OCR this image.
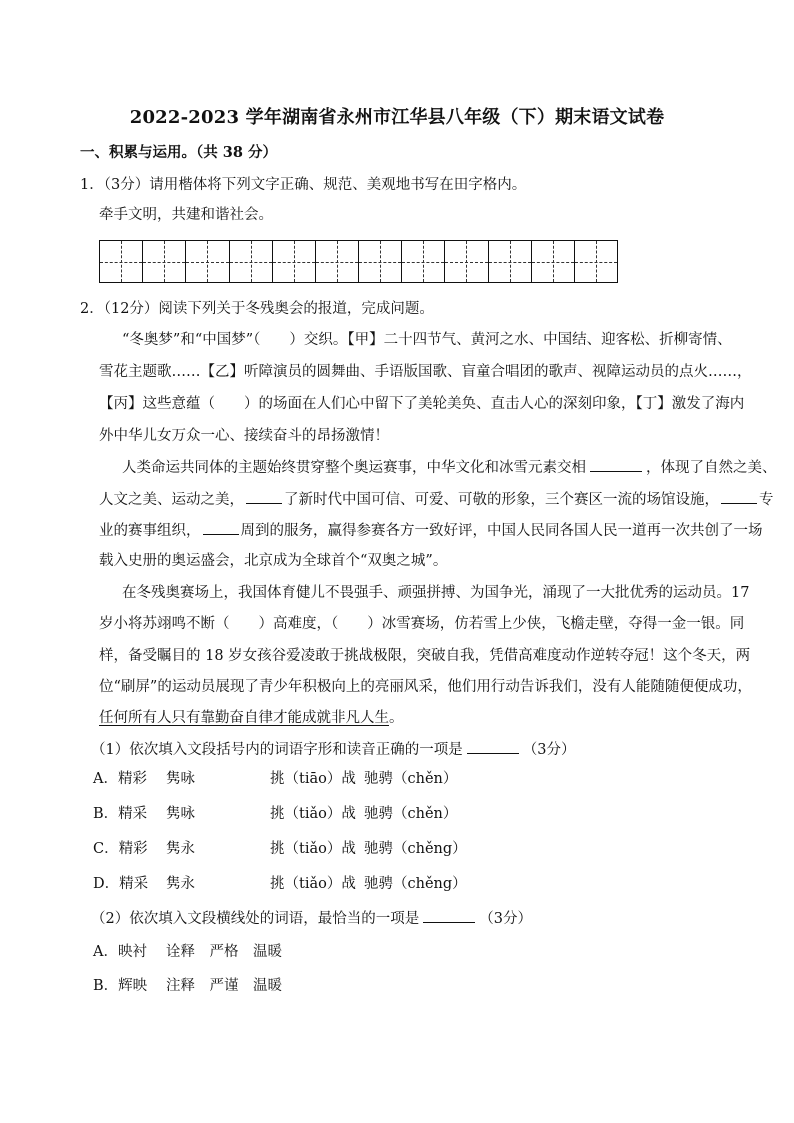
2022-2023 学年湖南省永州市江华县八年级（下）期末语文试卷
一、积累与运用。（共 38 分）
1．（3分）请用楷体将下列文字正确、规范、美观地书写在田字格内。
牵手文明，共建和谐社会。
2．（12分）阅读下列关于冬残奥会的报道，完成问题。
“冬奥梦”和“中国梦”（　　）交织。【甲】二十四节气、黄河之水、中国结、迎客松、折柳寄情、
雪花主题歌……【乙】听障演员的圆舞曲、手语版国歌、盲童合唱团的歌声、视障运动员的点火……，
【丙】这些意蕴（　　）的场面在人们心中留下了美轮美奂、直击人心的深刻印象，【丁】激发了海内
外中华儿女万众一心、接续奋斗的昂扬激情！
人类命运共同体的主题始终贯穿整个奥运赛事，中华文化和冰雪元素交相	，体现了自然之美、
人文之美、运动之美，	了新时代中国可信、可爱、可敬的形象，三个赛区一流的场馆设施，	专
业的赛事组织，	周到的服务，赢得参赛各方一致好评，中国人民同各国人民一道再一次共创了一场
载入史册的奥运盛会，北京成为全球首个“双奥之城”。
在冬残奥赛场上，我国体育健儿不畏强手、顽强拼搏、为国争光，涌现了一大批优秀的运动员。17
岁小将苏翊鸣不断（　　）高难度，（　　）冰雪赛场，仿若雪上少侠，飞檐走壁，夺得一金一银。同
样，备受瞩目的 18 岁女孩谷爱凌敢于挑战极限，突破自我，凭借高难度动作逆转夺冠！这个冬天，两
位“刷屏”的运动员展现了青少年积极向上的亮丽风采，他们用行动告诉我们，没有人能随随便便成功，
任何所有人只有靠勤奋自律才能成就非凡人生。
（1）依次填入文段括号内的词语字形和读音正确的一项是	（3分）
A．精彩 隽咏	挑（tiāo）战 驰骋（chěn）
B．精采 隽咏	挑（tiǎo）战 驰骋（chěn）
C．精彩 隽永	挑（tiǎo）战 驰骋（chěng）
D．精采 隽永	挑（tiǎo）战 驰骋（chěng）
（2）依次填入文段横线处的词语，最恰当的一项是	（3分）
A．映衬 诠释　严格　温暖
B．辉映 注释　严谨　温暖
